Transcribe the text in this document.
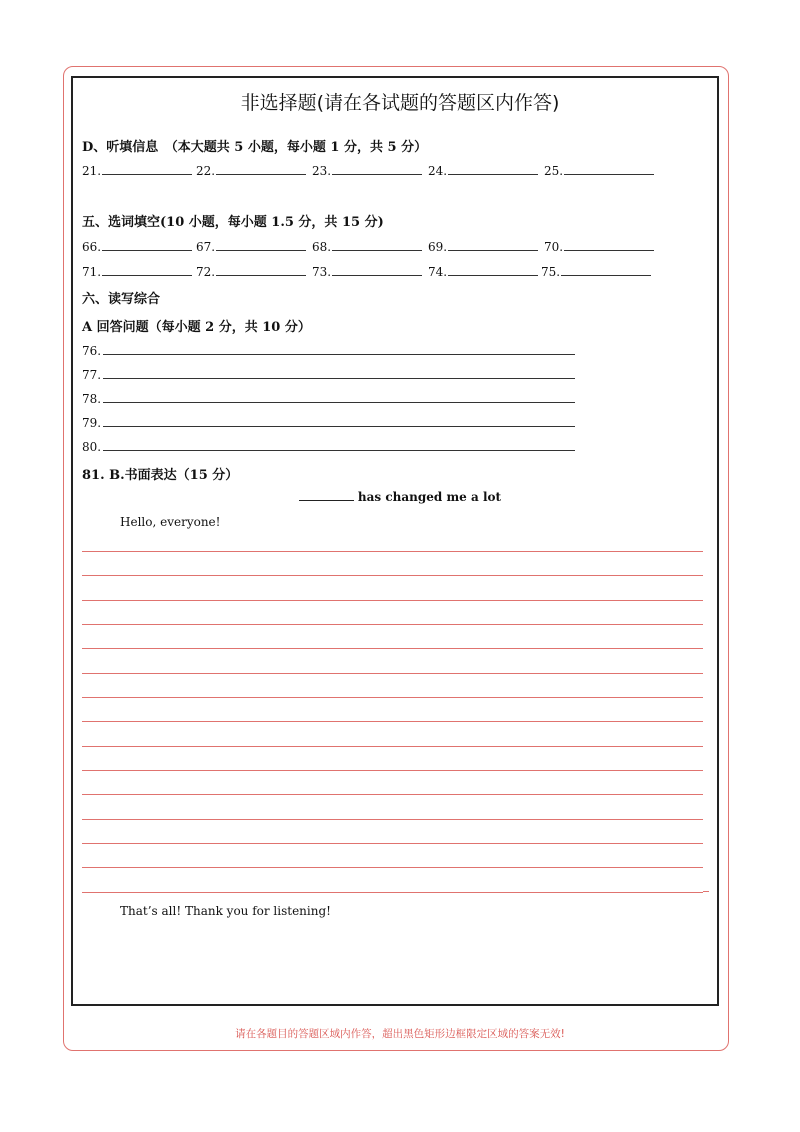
非选择题(请在各试题的答题区内作答)
D、听填信息　（本大题共 5 小题，每小题 1 分，共 5 分）
21.	22.	23.	24.	25.
五、选词填空(10 小题，每小题 1.5 分，共 15 分)
66.	67.	68.	69.	70.
71.	72.	73.	74.	75.
六、读写综合
A 回答问题（每小题 2 分，共 10 分）
76.
77.
78.
79.
80.
81. B.书面表达（15 分）
has changed me a lot
Hello, everyone!
That’s all! Thank you for listening!
请在各题目的答题区域内作答，超出黑色矩形边框限定区域的答案无效!
